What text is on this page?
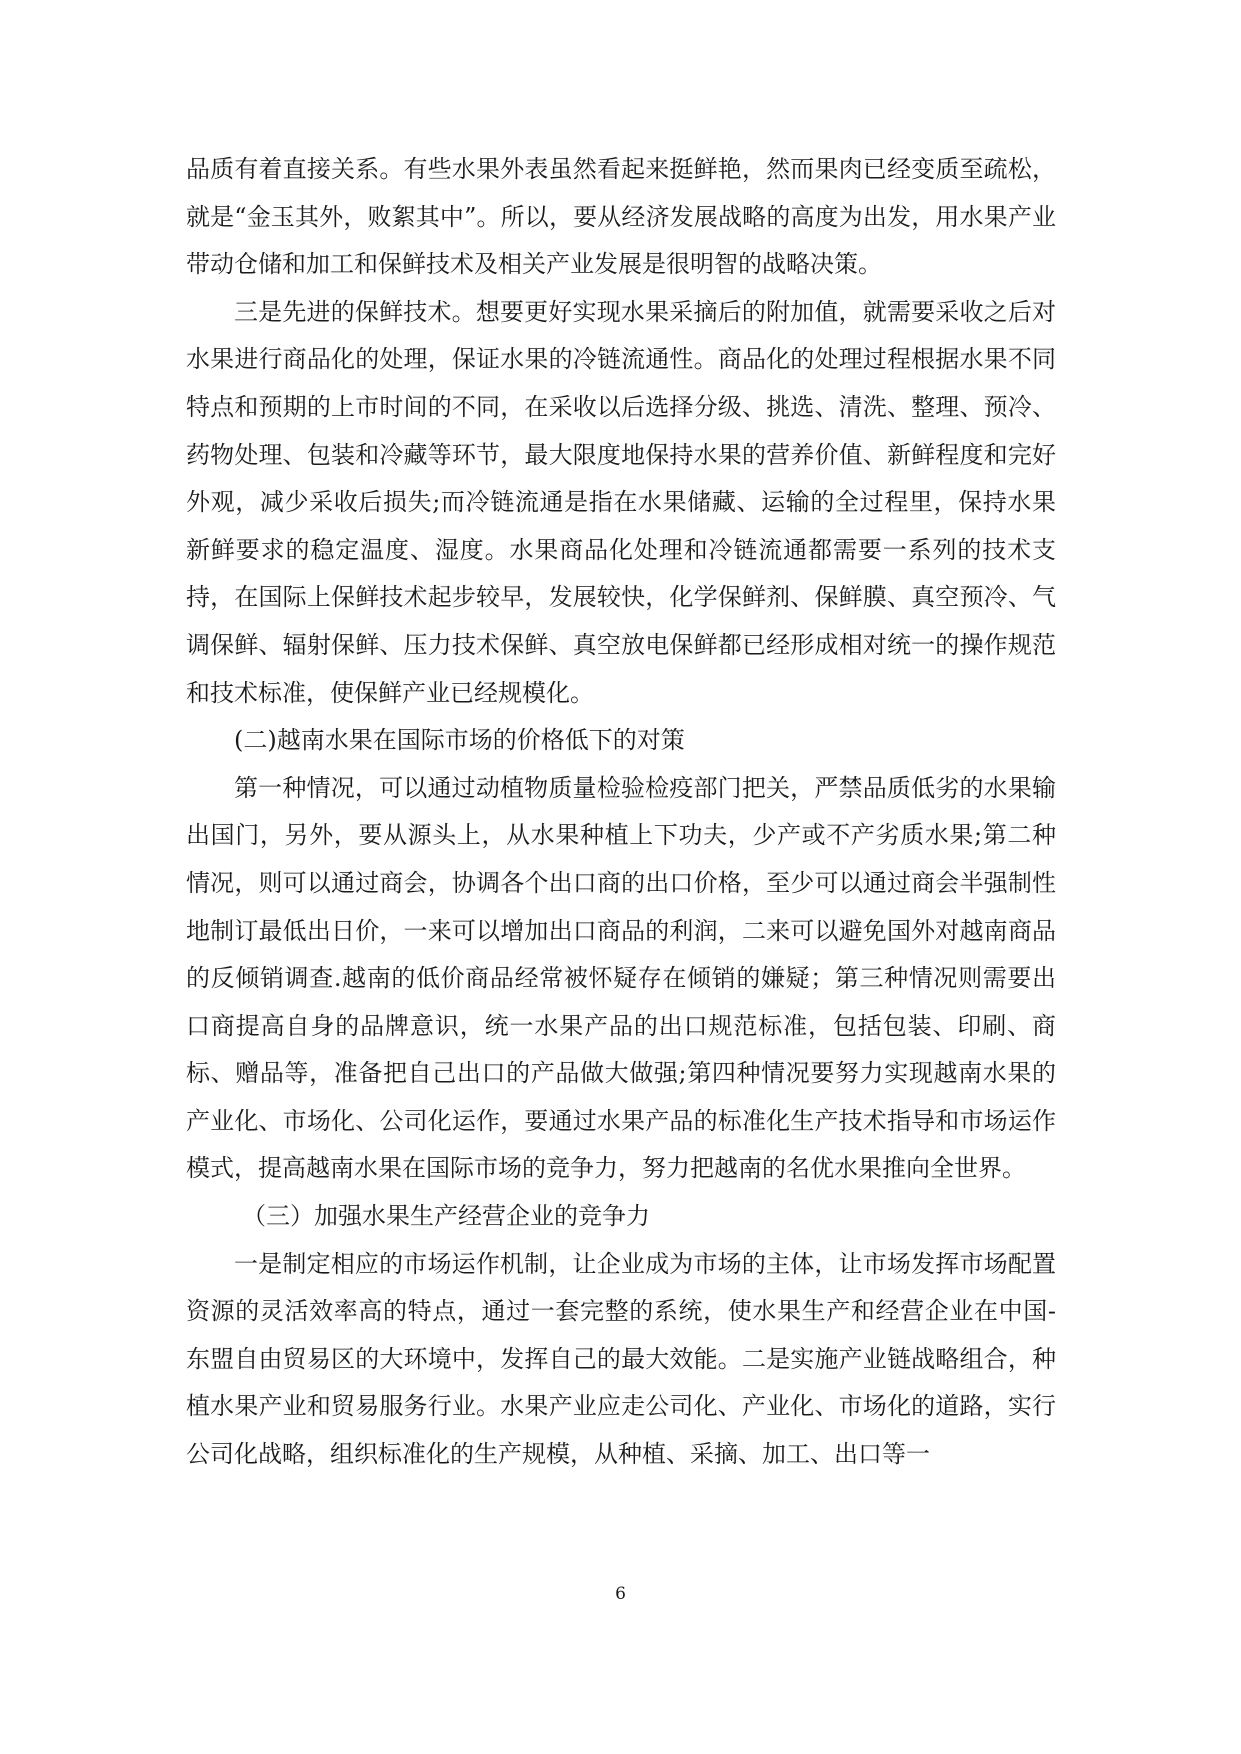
品质有着直接关系。有些水果外表虽然看起来挺鲜艳，然而果肉已经变质至疏松，就是“金玉其外，败絮其中”。所以，要从经济发展战略的高度为出发，用水果产业带动仓储和加工和保鲜技术及相关产业发展是很明智的战略决策。

三是先进的保鲜技术。想要更好实现水果采摘后的附加值，就需要采收之后对水果进行商品化的处理，保证水果的冷链流通性。商品化的处理过程根据水果不同特点和预期的上市时间的不同，在采收以后选择分级、挑选、清洗、整理、预冷、药物处理、包装和冷藏等环节，最大限度地保持水果的营养价值、新鲜程度和完好外观，减少采收后损失;而冷链流通是指在水果储藏、运输的全过程里，保持水果新鲜要求的稳定温度、湿度。水果商品化处理和冷链流通都需要一系列的技术支持，在国际上保鲜技术起步较早，发展较快，化学保鲜剂、保鲜膜、真空预冷、气调保鲜、辐射保鲜、压力技术保鲜、真空放电保鲜都已经形成相对统一的操作规范和技术标准，使保鲜产业已经规模化。

(二)越南水果在国际市场的价格低下的对策

第一种情况，可以通过动植物质量检验检疫部门把关，严禁品质低劣的水果输出国门，另外，要从源头上，从水果种植上下功夫，少产或不产劣质水果;第二种情况，则可以通过商会，协调各个出口商的出口价格，至少可以通过商会半强制性地制订最低出日价，一来可以增加出口商品的利润，二来可以避免国外对越南商品的反倾销调查.越南的低价商品经常被怀疑存在倾销的嫌疑；第三种情况则需要出口商提高自身的品牌意识，统一水果产品的出口规范标准，包括包装、印刷、商标、赠品等，准备把自己出口的产品做大做强;第四种情况要努力实现越南水果的产业化、市场化、公司化运作，要通过水果产品的标准化生产技术指导和市场运作模式，提高越南水果在国际市场的竞争力，努力把越南的名优水果推向全世界。

（三）加强水果生产经营企业的竞争力

一是制定相应的市场运作机制，让企业成为市场的主体，让市场发挥市场配置资源的灵活效率高的特点，通过一套完整的系统，使水果生产和经营企业在中国-东盟自由贸易区的大环境中，发挥自己的最大效能。二是实施产业链战略组合，种植水果产业和贸易服务行业。水果产业应走公司化、产业化、市场化的道路，实行公司化战略，组织标准化的生产规模，从种植、采摘、加工、出口等一

6
